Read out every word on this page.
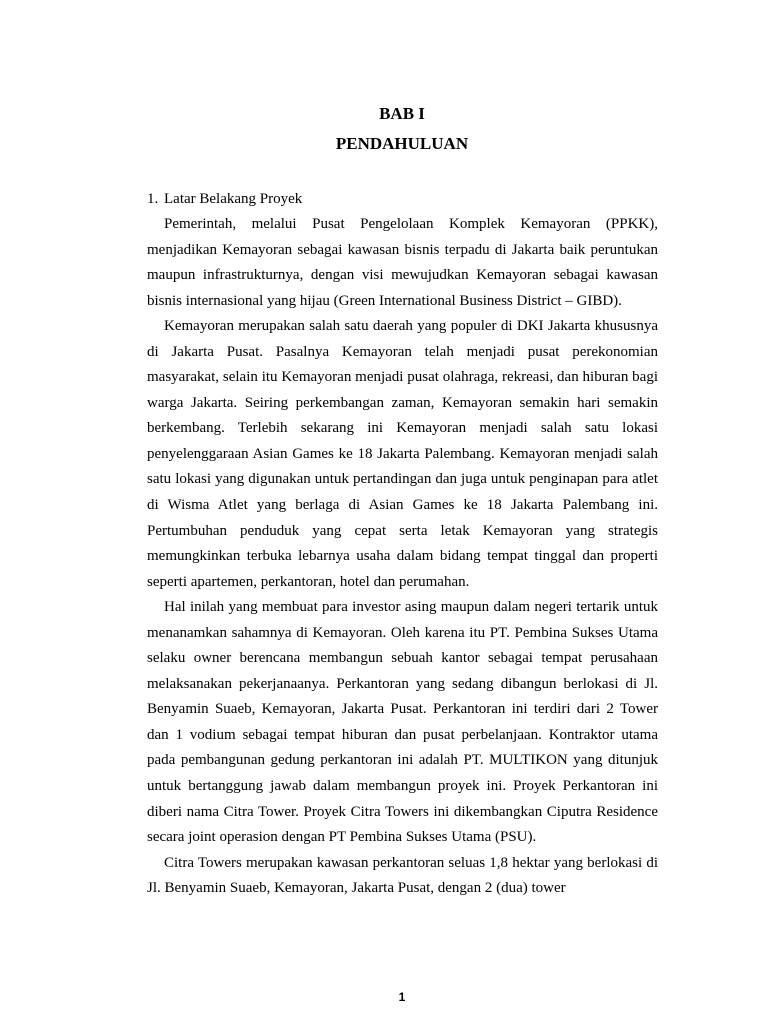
BAB I
PENDAHULUAN
1. Latar Belakang Proyek

Pemerintah, melalui Pusat Pengelolaan Komplek Kemayoran (PPKK), menjadikan Kemayoran sebagai kawasan bisnis terpadu di Jakarta baik peruntukan maupun infrastrukturnya, dengan visi mewujudkan Kemayoran sebagai kawasan bisnis internasional yang hijau (Green International Business District – GIBD).

Kemayoran merupakan salah satu daerah yang populer di DKI Jakarta khususnya di Jakarta Pusat. Pasalnya Kemayoran telah menjadi pusat perekonomian masyarakat, selain itu Kemayoran menjadi pusat olahraga, rekreasi, dan hiburan bagi warga Jakarta. Seiring perkembangan zaman, Kemayoran semakin hari semakin berkembang. Terlebih sekarang ini Kemayoran menjadi salah satu lokasi penyelenggaraan Asian Games ke 18 Jakarta Palembang. Kemayoran menjadi salah satu lokasi yang digunakan untuk pertandingan dan juga untuk penginapan para atlet di Wisma Atlet yang berlaga di Asian Games ke 18 Jakarta Palembang ini. Pertumbuhan penduduk yang cepat serta letak Kemayoran yang strategis memungkinkan terbuka lebarnya usaha dalam bidang tempat tinggal dan properti seperti apartemen, perkantoran, hotel dan perumahan.

Hal inilah yang membuat para investor asing maupun dalam negeri tertarik untuk menanamkan sahamnya di Kemayoran. Oleh karena itu PT. Pembina Sukses Utama selaku owner berencana membangun sebuah kantor sebagai tempat perusahaan melaksanakan pekerjanaanya. Perkantoran yang sedang dibangun berlokasi di Jl. Benyamin Suaeb, Kemayoran, Jakarta Pusat. Perkantoran ini terdiri dari 2 Tower dan 1 vodium sebagai tempat hiburan dan pusat perbelanjaan. Kontraktor utama pada pembangunan gedung perkantoran ini adalah PT. MULTIKON yang ditunjuk untuk bertanggung jawab dalam membangun proyek ini. Proyek Perkantoran ini diberi nama Citra Tower. Proyek Citra Towers ini dikembangkan Ciputra Residence secara joint operasion dengan PT Pembina Sukses Utama (PSU).

Citra Towers merupakan kawasan perkantoran seluas 1,8 hektar yang berlokasi di Jl. Benyamin Suaeb, Kemayoran, Jakarta Pusat, dengan 2 (dua) tower

1
